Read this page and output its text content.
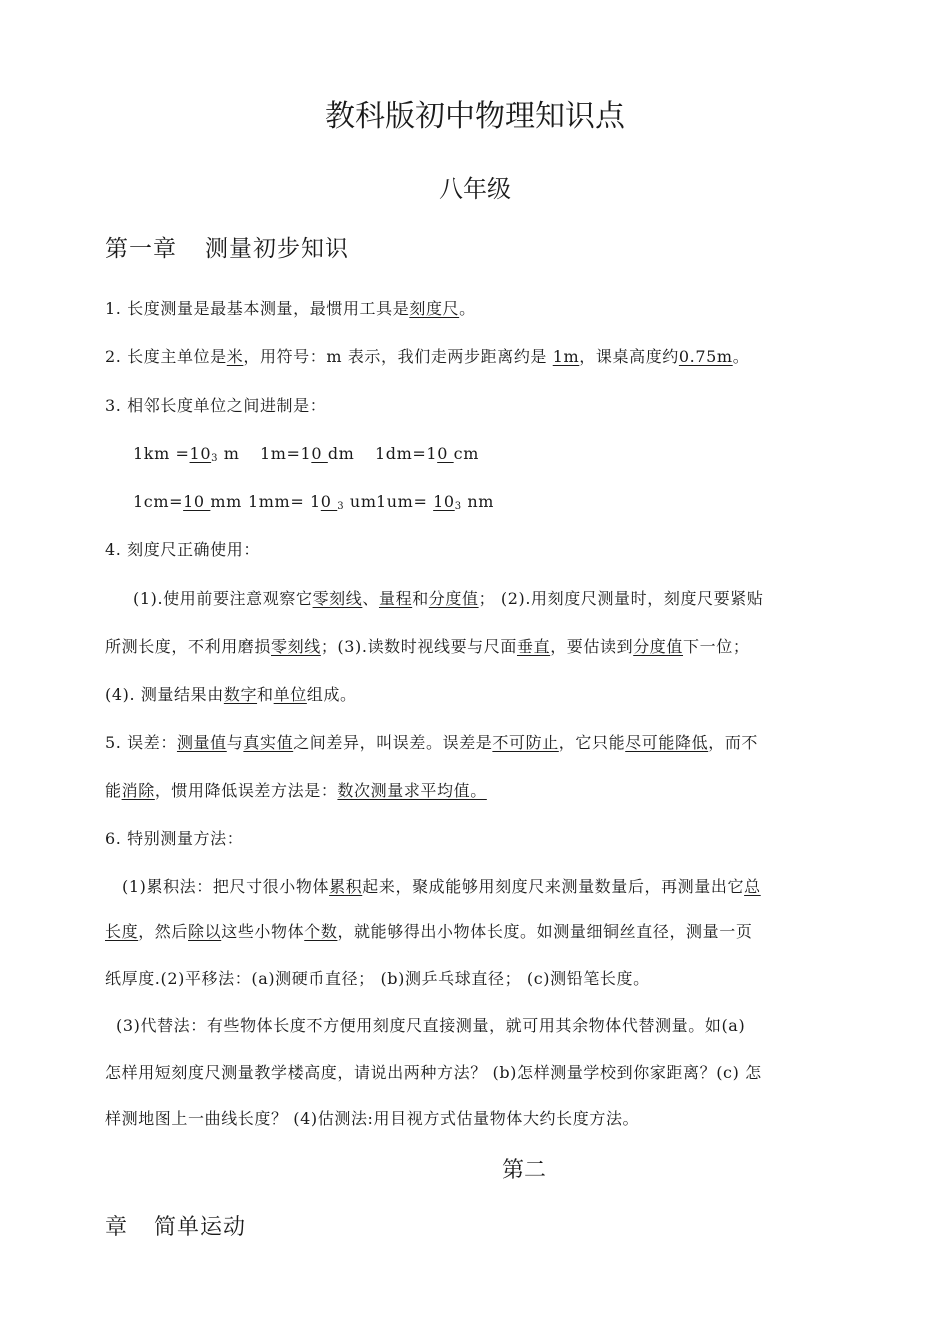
教科版初中物理知识点
八年级
第一章 测量初步知识
1. 长度测量是最基本测量，最惯用工具是刻度尺。
2. 长度主单位是米，用符号：m 表示，我们走两步距离约是 1m，课桌高度约0.75m。
3. 相邻长度单位之间进制是：
$1km =10_3$ m 1m=10 dm 1dm=10 cm
1cm=10 mm 1mm= 10 $_3$ $um1um= 10_3$ nm
4. 刻度尺正确使用：
(1).使用前要注意观察它零刻线、量程和分度值； (2).用刻度尺测量时，刻度尺要紧贴
所测长度，不利用磨损零刻线；(3).读数时视线要与尺面垂直，要估读到分度值下一位；
(4). 测量结果由数字和单位组成。
5. 误差：测量值与真实值之间差异，叫误差。误差是不可防止，它只能尽可能降低，而不
能消除，惯用降低误差方法是：数次测量求平均值。
6. 特别测量方法：
(1)累积法：把尺寸很小物体累积起来，聚成能够用刻度尺来测量数量后，再测量出它总
长度，然后除以这些小物体个数，就能够得出小物体长度。如测量细铜丝直径，测量一页
纸厚度.(2)平移法：(a)测硬币直径； (b)测乒乓球直径； (c)测铅笔长度。
(3)代替法：有些物体长度不方便用刻度尺直接测量，就可用其余物体代替测量。如(a)
怎样用短刻度尺测量教学楼高度，请说出两种方法？ (b)怎样测量学校到你家距离？(c) 怎
样测地图上一曲线长度？ (4)估测法:用目视方式估量物体大约长度方法。
第二
章 简单运动
